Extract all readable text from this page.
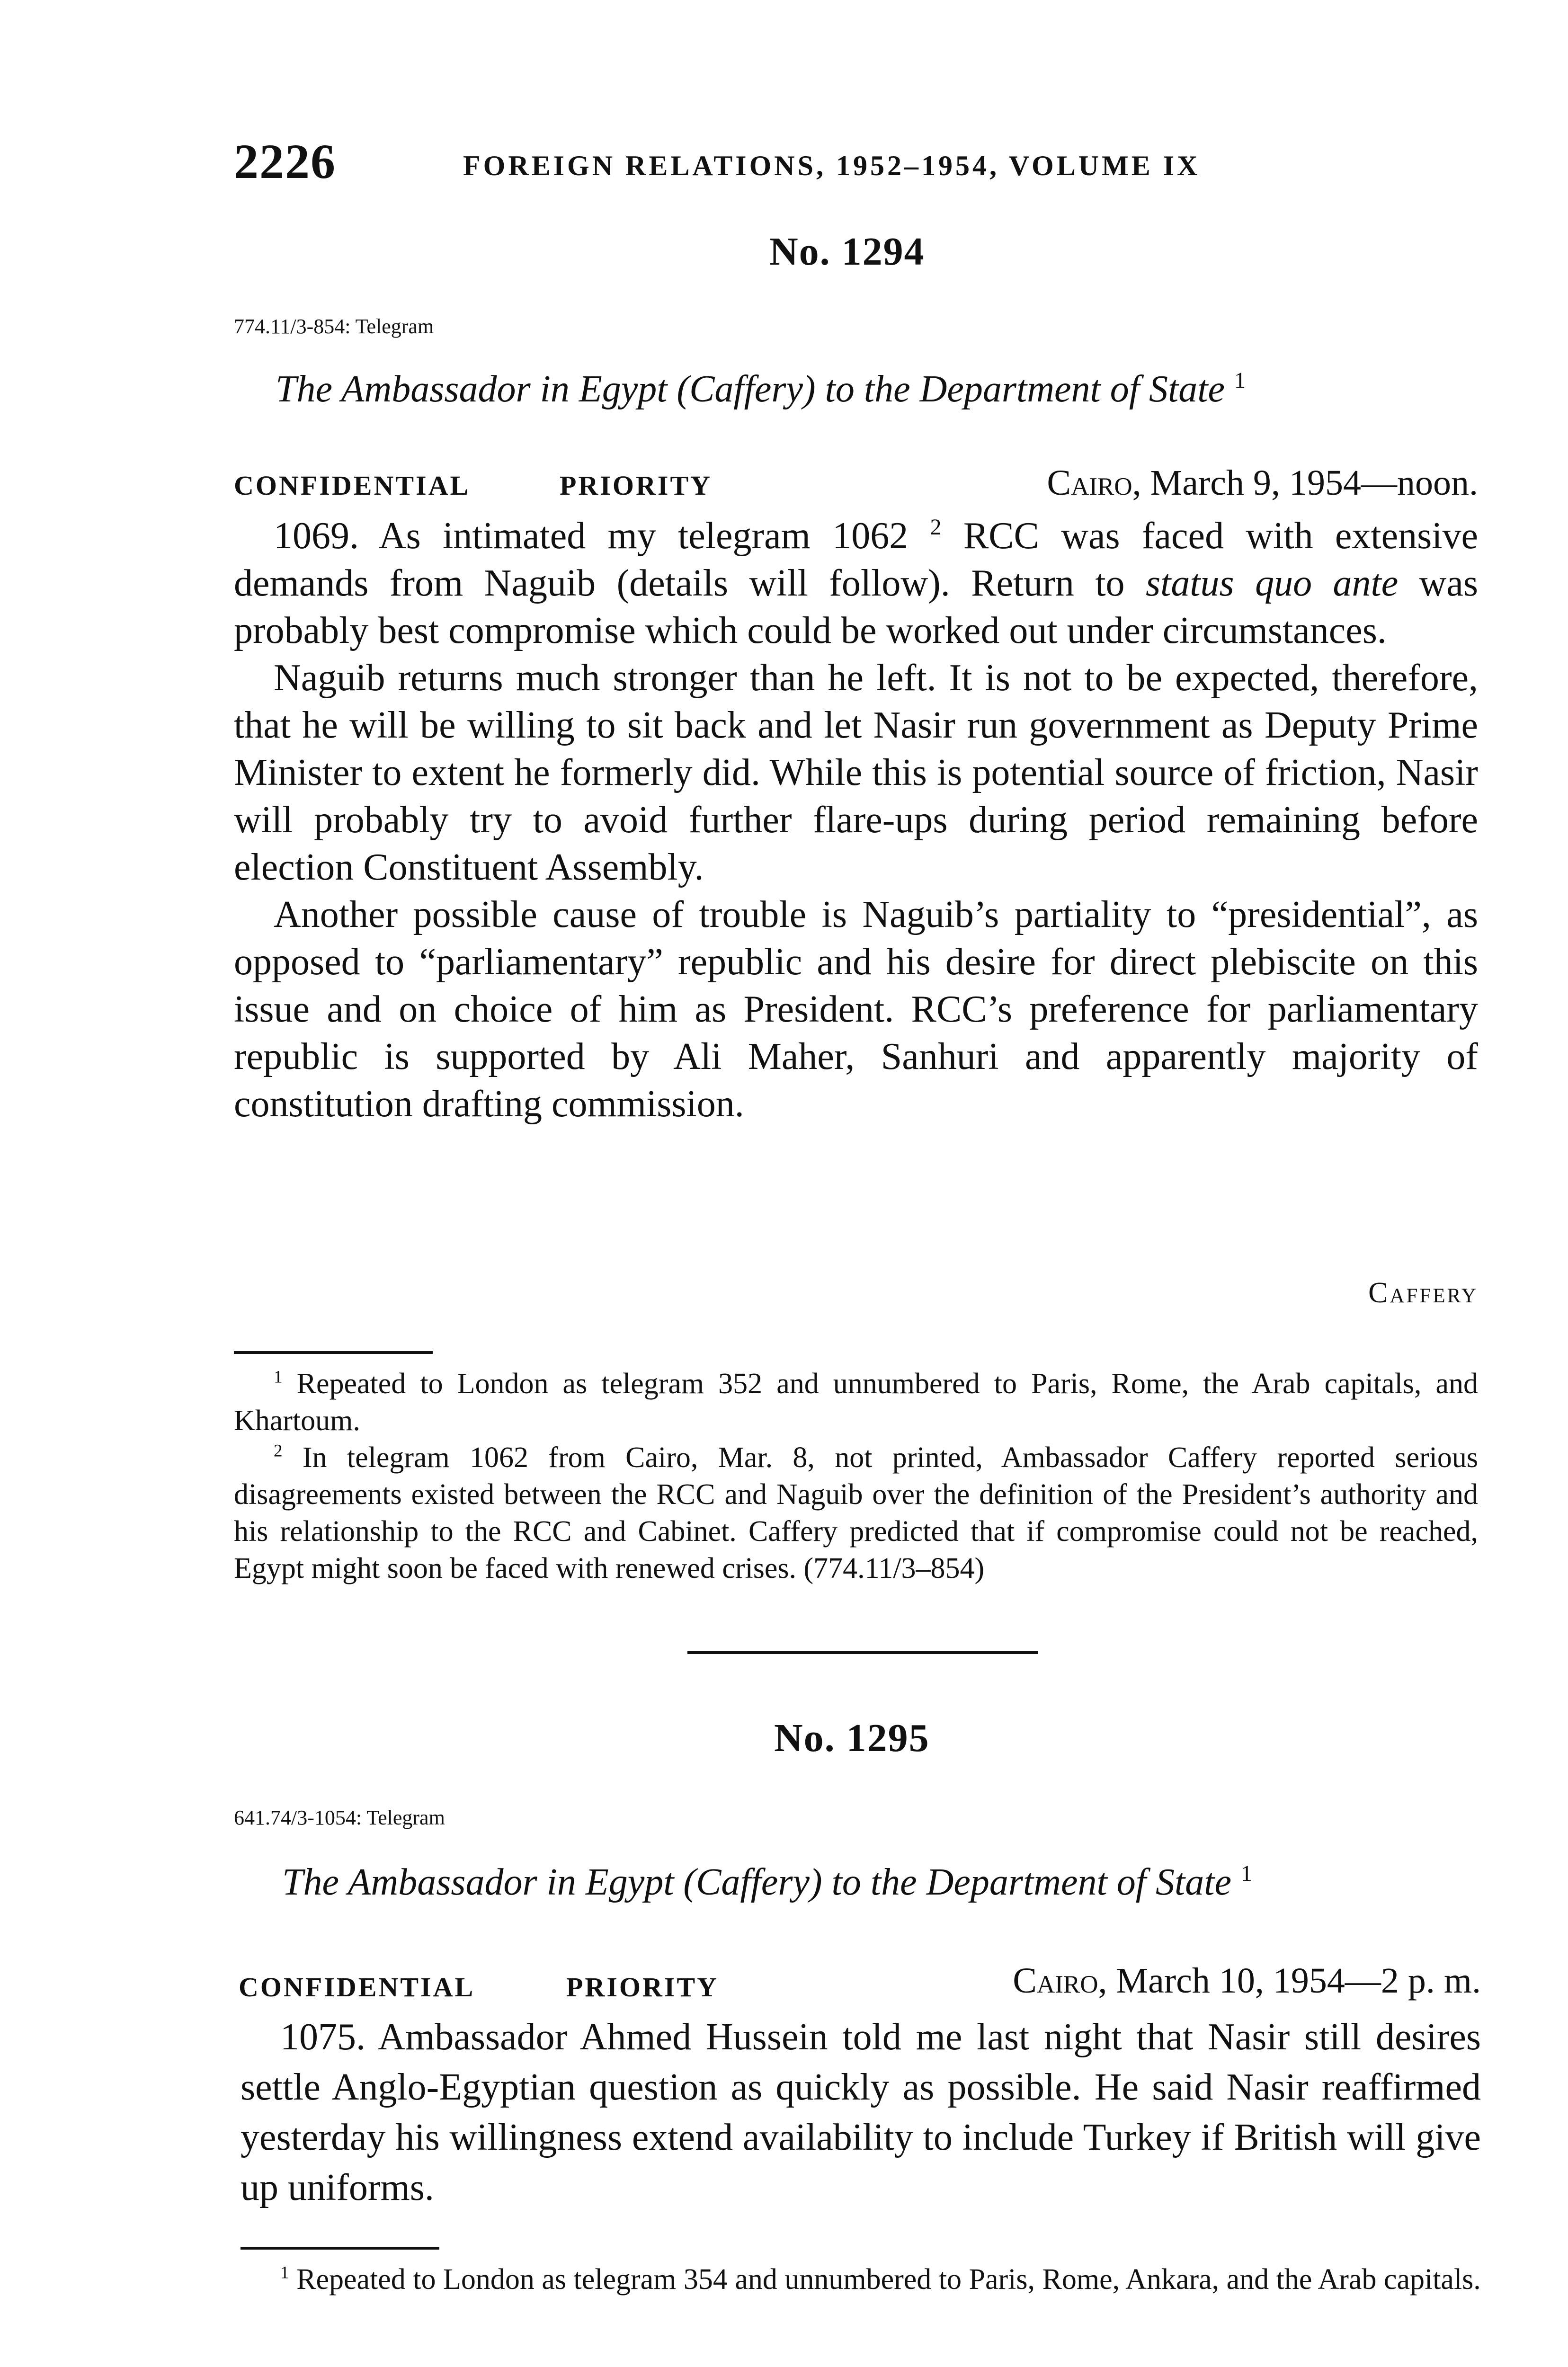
2226	FOREIGN RELATIONS, 1952–1954, VOLUME IX
No. 1294
774.11/3-854: Telegram
The Ambassador in Egypt (Caffery) to the Department of State $^1$
CONFIDENTIAL	PRIORITY	Cairo, March 9, 1954—noon.

1069. As intimated my telegram 1062 $^2$ RCC was faced with extensive demands from Naguib (details will follow). Return to status quo ante was probably best compromise which could be worked out under circumstances.

Naguib returns much stronger than he left. It is not to be expected, therefore, that he will be willing to sit back and let Nasir run government as Deputy Prime Minister to extent he formerly did. While this is potential source of friction, Nasir will probably try to avoid further flare-ups during period remaining before election Constituent Assembly.

Another possible cause of trouble is Naguib’s partiality to “presidential”, as opposed to “parliamentary” republic and his desire for direct plebiscite on this issue and on choice of him as President. RCC’s preference for parliamentary republic is supported by Ali Maher, Sanhuri and apparently majority of constitution drafting commission.

Caffery

$^1$ Repeated to London as telegram 352 and unnumbered to Paris, Rome, the Arab capitals, and Khartoum.

$^2$ In telegram 1062 from Cairo, Mar. 8, not printed, Ambassador Caffery reported serious disagreements existed between the RCC and Naguib over the definition of the President’s authority and his relationship to the RCC and Cabinet. Caffery predicted that if compromise could not be reached, Egypt might soon be faced with renewed crises. (774.11/3–854)

No. 1295
641.74/3-1054: Telegram
The Ambassador in Egypt (Caffery) to the Department of State $^1$
CONFIDENTIAL	PRIORITY	Cairo, March 10, 1954—2 p. m.

1075. Ambassador Ahmed Hussein told me last night that Nasir still desires settle Anglo-Egyptian question as quickly as possible. He said Nasir reaffirmed yesterday his willingness extend availability to include Turkey if British will give up uniforms.

$^1$ Repeated to London as telegram 354 and unnumbered to Paris, Rome, Ankara, and the Arab capitals.
